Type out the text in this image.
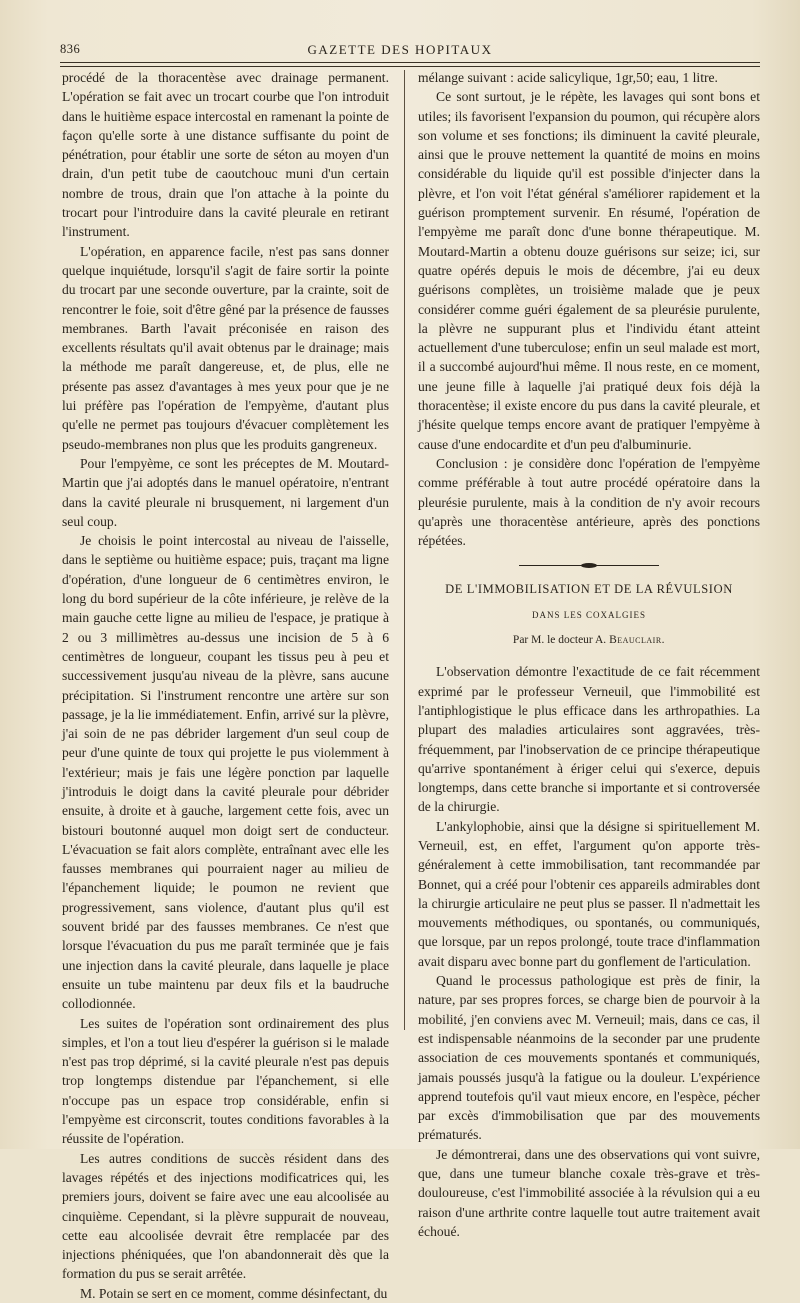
836	GAZETTE DES HOPITAUX

procédé de la thoracentèse avec drainage permanent. L'opération se fait avec un trocart courbe que l'on introduit dans le huitième espace intercostal en ramenant la pointe de façon qu'elle sorte à une distance suffisante du point de pénétration, pour établir une sorte de séton au moyen d'un drain, d'un petit tube de caoutchouc muni d'un certain nombre de trous, drain que l'on attache à la pointe du trocart pour l'introduire dans la cavité pleurale en retirant l'instrument.

L'opération, en apparence facile, n'est pas sans donner quelque inquiétude, lorsqu'il s'agit de faire sortir la pointe du trocart par une seconde ouverture, par la crainte, soit de rencontrer le foie, soit d'être gêné par la présence de fausses membranes. Barth l'avait préconisée en raison des excellents résultats qu'il avait obtenus par le drainage; mais la méthode me paraît dangereuse, et, de plus, elle ne présente pas assez d'avantages à mes yeux pour que je ne lui préfère pas l'opération de l'empyème, d'autant plus qu'elle ne permet pas toujours d'évacuer complètement les pseudo-membranes non plus que les produits gangreneux.

Pour l'empyème, ce sont les préceptes de M. Moutard-Martin que j'ai adoptés dans le manuel opératoire, n'entrant dans la cavité pleurale ni brusquement, ni largement d'un seul coup.

Je choisis le point intercostal au niveau de l'aisselle, dans le septième ou huitième espace; puis, traçant ma ligne d'opération, d'une longueur de 6 centimètres environ, le long du bord supérieur de la côte inférieure, je relève de la main gauche cette ligne au milieu de l'espace, je pratique à 2 ou 3 millimètres au-dessus une incision de 5 à 6 centimètres de longueur, coupant les tissus peu à peu et successivement jusqu'au niveau de la plèvre, sans aucune précipitation. Si l'instrument rencontre une artère sur son passage, je la lie immédiatement. Enfin, arrivé sur la plèvre, j'ai soin de ne pas débrider largement d'un seul coup de peur d'une quinte de toux qui projette le pus violemment à l'extérieur; mais je fais une légère ponction par laquelle j'introduis le doigt dans la cavité pleurale pour débrider ensuite, à droite et à gauche, largement cette fois, avec un bistouri boutonné auquel mon doigt sert de conducteur. L'évacuation se fait alors complète, entraînant avec elle les fausses membranes qui pourraient nager au milieu de l'épanchement liquide; le poumon ne revient que progressivement, sans violence, d'autant plus qu'il est souvent bridé par des fausses membranes. Ce n'est que lorsque l'évacuation du pus me paraît terminée que je fais une injection dans la cavité pleurale, dans laquelle je place ensuite un tube maintenu par deux fils et la baudruche collodionnée.

Les suites de l'opération sont ordinairement des plus simples, et l'on a tout lieu d'espérer la guérison si le malade n'est pas trop déprimé, si la cavité pleurale n'est pas depuis trop longtemps distendue par l'épanchement, si elle n'occupe pas un espace trop considérable, enfin si l'empyème est circonscrit, toutes conditions favorables à la réussite de l'opération.

Les autres conditions de succès résident dans des lavages répétés et des injections modificatrices qui, les premiers jours, doivent se faire avec une eau alcoolisée au cinquième. Cependant, si la plèvre suppurait de nouveau, cette eau alcoolisée devrait être remplacée par des injections phéniquées, que l'on abandonnerait dès que la formation du pus se serait arrêtée.

M. Potain se sert en ce moment, comme désinfectant, du

mélange suivant : acide salicylique, 1gr,50; eau, 1 litre.

Ce sont surtout, je le répète, les lavages qui sont bons et utiles; ils favorisent l'expansion du poumon, qui récupère alors son volume et ses fonctions; ils diminuent la cavité pleurale, ainsi que le prouve nettement la quantité de moins en moins considérable du liquide qu'il est possible d'injecter dans la plèvre, et l'on voit l'état général s'améliorer rapidement et la guérison promptement survenir. En résumé, l'opération de l'empyème me paraît donc d'une bonne thérapeutique. M. Moutard-Martin a obtenu douze guérisons sur seize; ici, sur quatre opérés depuis le mois de décembre, j'ai eu deux guérisons complètes, un troisième malade que je peux considérer comme guéri également de sa pleurésie purulente, la plèvre ne suppurant plus et l'individu étant atteint actuellement d'une tuberculose; enfin un seul malade est mort, il a succombé aujourd'hui même. Il nous reste, en ce moment, une jeune fille à laquelle j'ai pratiqué deux fois déjà la thoracentèse; il existe encore du pus dans la cavité pleurale, et j'hésite quelque temps encore avant de pratiquer l'empyème à cause d'une endocardite et d'un peu d'albuminurie.

Conclusion : je considère donc l'opération de l'empyème comme préférable à tout autre procédé opératoire dans la pleurésie purulente, mais à la condition de n'y avoir recours qu'après une thoracentèse antérieure, après des ponctions répétées.

DE L'IMMOBILISATION ET DE LA RÉVULSION
DANS LES COXALGIES
Par M. le docteur A. Beauclair.

L'observation démontre l'exactitude de ce fait récemment exprimé par le professeur Verneuil, que l'immobilité est l'antiphlogistique le plus efficace dans les arthropathies. La plupart des maladies articulaires sont aggravées, très-fréquemment, par l'inobservation de ce principe thérapeutique qu'arrive spontanément à ériger celui qui s'exerce, depuis longtemps, dans cette branche si importante et si controversée de la chirurgie.

L'ankylophobie, ainsi que la désigne si spirituellement M. Verneuil, est, en effet, l'argument qu'on apporte très-généralement à cette immobilisation, tant recommandée par Bonnet, qui a créé pour l'obtenir ces appareils admirables dont la chirurgie articulaire ne peut plus se passer. Il n'admettait les mouvements méthodiques, ou spontanés, ou communiqués, que lorsque, par un repos prolongé, toute trace d'inflammation avait disparu avec bonne part du gonflement de l'articulation.

Quand le processus pathologique est près de finir, la nature, par ses propres forces, se charge bien de pourvoir à la mobilité, j'en conviens avec M. Verneuil; mais, dans ce cas, il est indispensable néanmoins de la seconder par une prudente association de ces mouvements spontanés et communiqués, jamais poussés jusqu'à la fatigue ou la douleur. L'expérience apprend toutefois qu'il vaut mieux encore, en l'espèce, pécher par excès d'immobilisation que par des mouvements prématurés.

Je démontrerai, dans une des observations qui vont suivre, que, dans une tumeur blanche coxale très-grave et très-douloureuse, c'est l'immobilité associée à la révulsion qui a eu raison d'une arthrite contre laquelle tout autre traitement avait échoué.
